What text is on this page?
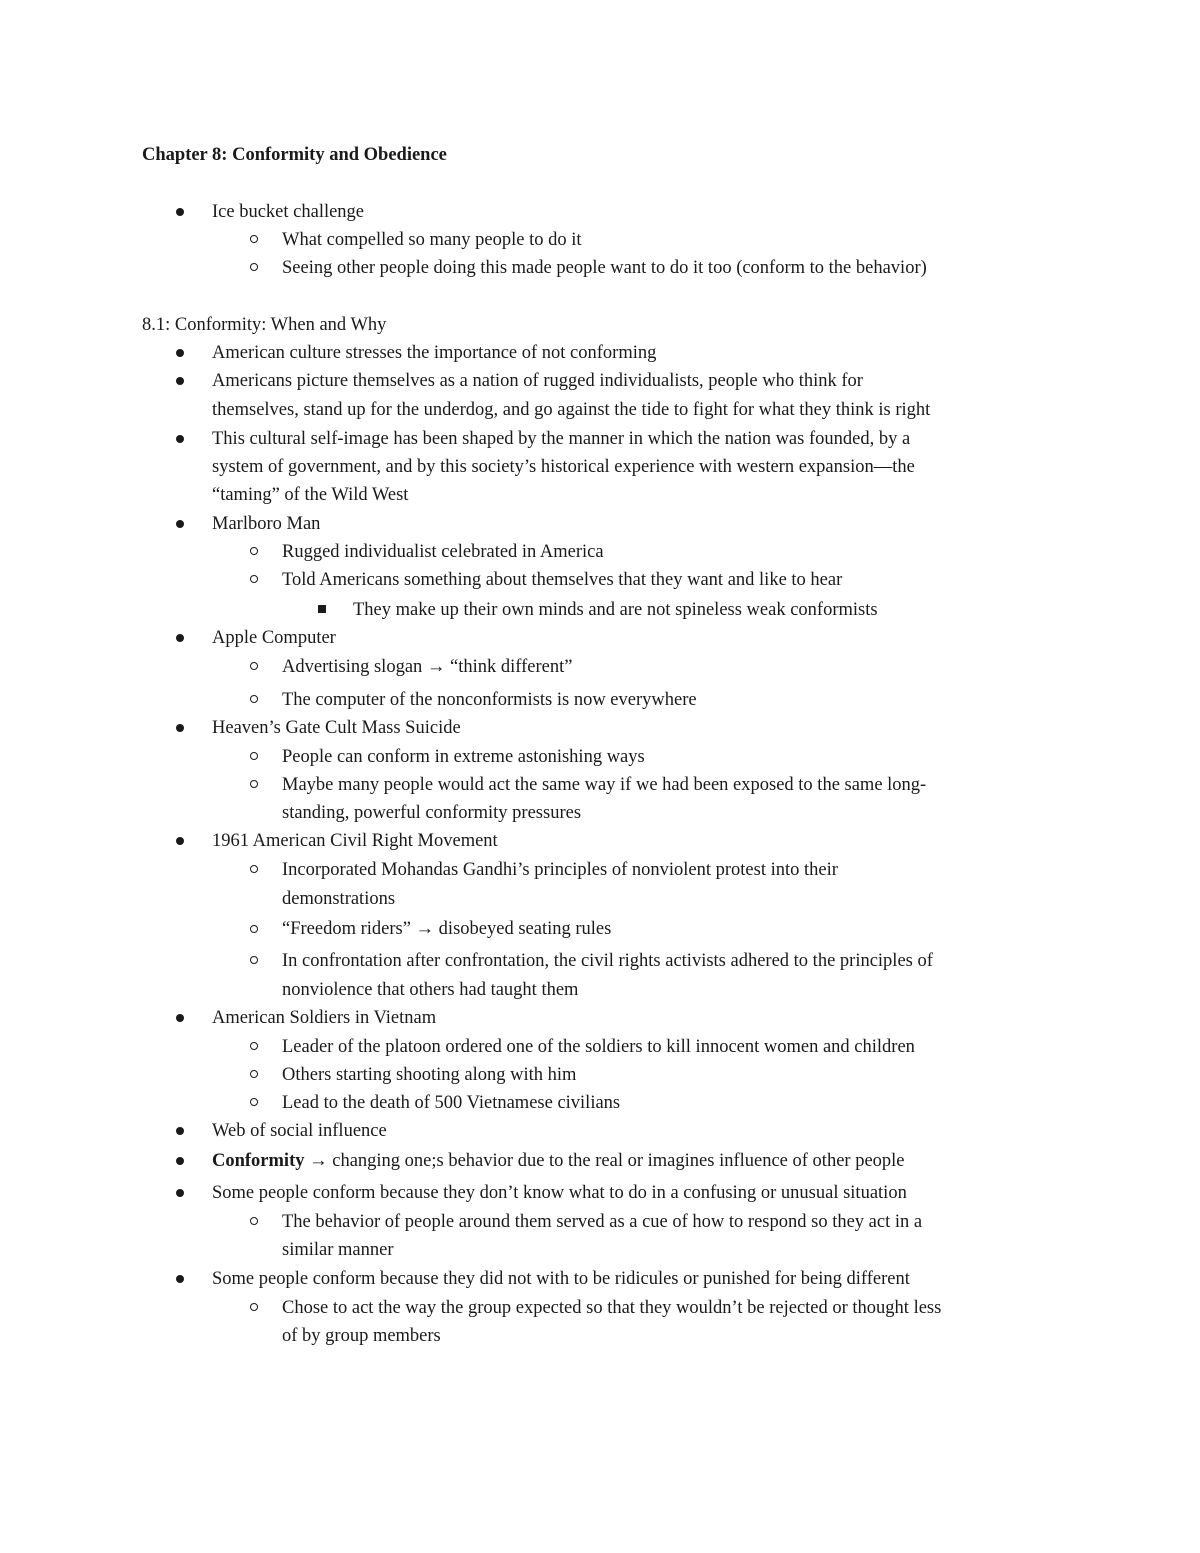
Chapter 8: Conformity and Obedience
Ice bucket challenge
What compelled so many people to do it
Seeing other people doing this made people want to do it too (conform to the behavior)
8.1: Conformity: When and Why
American culture stresses the importance of not conforming
Americans picture themselves as a nation of rugged individualists, people who think for
themselves, stand up for the underdog, and go against the tide to fight for what they think is right
This cultural self-image has been shaped by the manner in which the nation was founded, by a
system of government, and by this society’s historical experience with western expansion—the
“taming” of the Wild West
Marlboro Man
Rugged individualist celebrated in America
Told Americans something about themselves that they want and like to hear
They make up their own minds and are not spineless weak conformists
Apple Computer
Advertising slogan → “think different”
The computer of the nonconformists is now everywhere
Heaven’s Gate Cult Mass Suicide
People can conform in extreme astonishing ways
Maybe many people would act the same way if we had been exposed to the same long-
standing, powerful conformity pressures
1961 American Civil Right Movement
Incorporated Mohandas Gandhi’s principles of nonviolent protest into their
demonstrations
“Freedom riders” → disobeyed seating rules
In confrontation after confrontation, the civil rights activists adhered to the principles of
nonviolence that others had taught them
American Soldiers in Vietnam
Leader of the platoon ordered one of the soldiers to kill innocent women and children
Others starting shooting along with him
Lead to the death of 500 Vietnamese civilians
Web of social influence
Conformity → changing one;s behavior due to the real or imagines influence of other people
Some people conform because they don’t know what to do in a confusing or unusual situation
The behavior of people around them served as a cue of how to respond so they act in a
similar manner
Some people conform because they did not with to be ridicules or punished for being different
Chose to act the way the group expected so that they wouldn’t be rejected or thought less
of by group members
